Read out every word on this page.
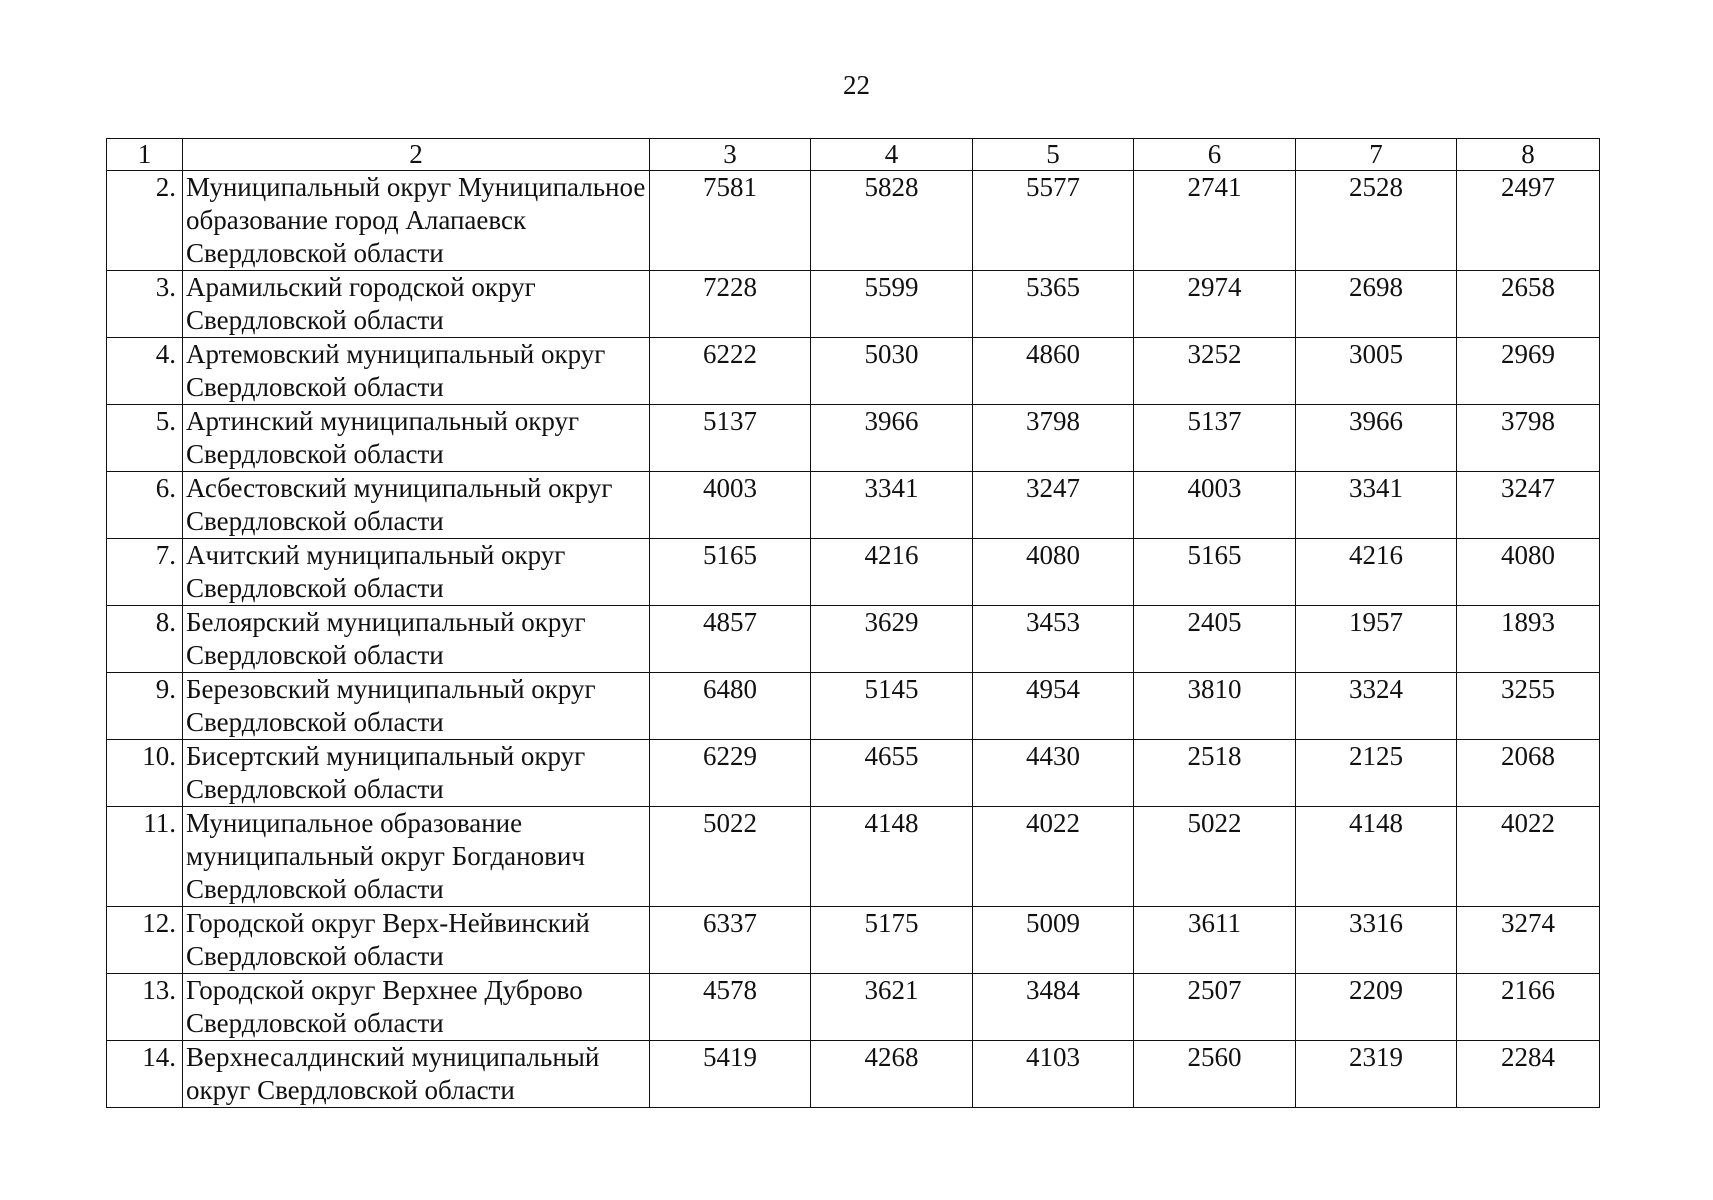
22
1	2	3	4	5	6	7	8
2.	Муниципальный округ Муниципальное образование город Алапаевск Свердловской области	7581	5828	5577	2741	2528	2497
3.	Арамильский городской округ Свердловской области	7228	5599	5365	2974	2698	2658
4.	Артемовский муниципальный округ Свердловской области	6222	5030	4860	3252	3005	2969
5.	Артинский муниципальный округ Свердловской области	5137	3966	3798	5137	3966	3798
6.	Асбестовский муниципальный округ Свердловской области	4003	3341	3247	4003	3341	3247
7.	Ачитский муниципальный округ Свердловской области	5165	4216	4080	5165	4216	4080
8.	Белоярский муниципальный округ Свердловской области	4857	3629	3453	2405	1957	1893
9.	Березовский муниципальный округ Свердловской области	6480	5145	4954	3810	3324	3255
10.	Бисертский муниципальный округ Свердловской области	6229	4655	4430	2518	2125	2068
11.	Муниципальное образование муниципальный округ Богданович Свердловской области	5022	4148	4022	5022	4148	4022
12.	Городской округ Верх-Нейвинский Свердловской области	6337	5175	5009	3611	3316	3274
13.	Городской округ Верхнее Дуброво Свердловской области	4578	3621	3484	2507	2209	2166
14.	Верхнесалдинский муниципальный округ Свердловской области	5419	4268	4103	2560	2319	2284
